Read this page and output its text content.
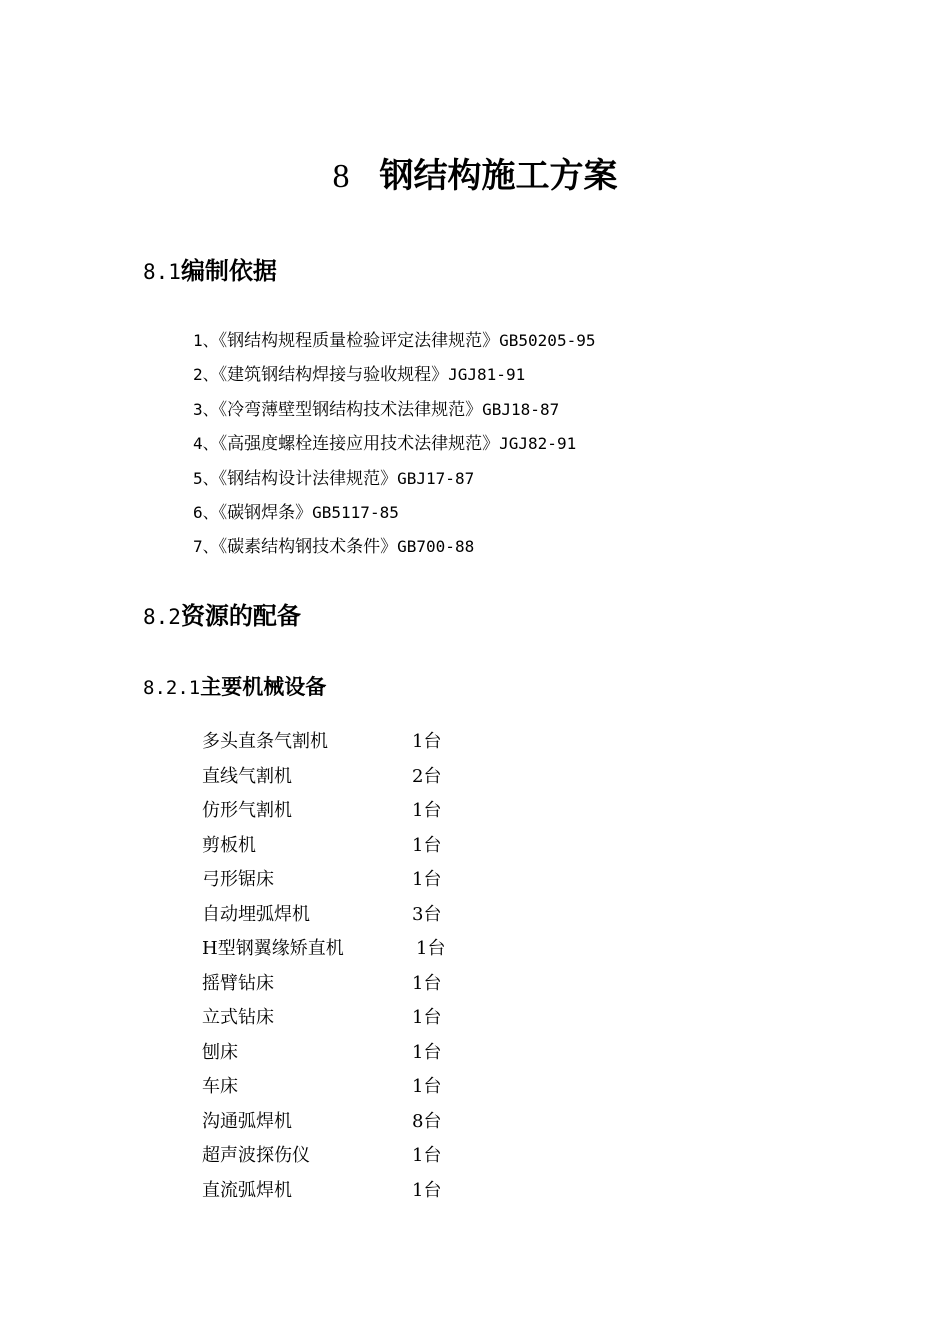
8 钢结构施工方案
8.1编制依据
1、《钢结构规程质量检验评定法律规范》GB50205-95
2、《建筑钢结构焊接与验收规程》JGJ81-91
3、《冷弯薄壁型钢结构技术法律规范》GBJ18-87
4、《高强度螺栓连接应用技术法律规范》JGJ82-91
5、《钢结构设计法律规范》GBJ17-87
6、《碳钢焊条》GB5117-85
7、《碳素结构钢技术条件》GB700-88
8.2资源的配备
8.2.1主要机械设备
多头直条气割机	1台
直线气割机	2台
仿形气割机	1台
剪板机	1台
弓形锯床	1台
自动埋弧焊机	3台
H型钢翼缘矫直机	1台
摇臂钻床	1台
立式钻床	1台
刨床	1台
车床	1台
沟通弧焊机	8台
超声波探伤仪	1台
直流弧焊机	1台
